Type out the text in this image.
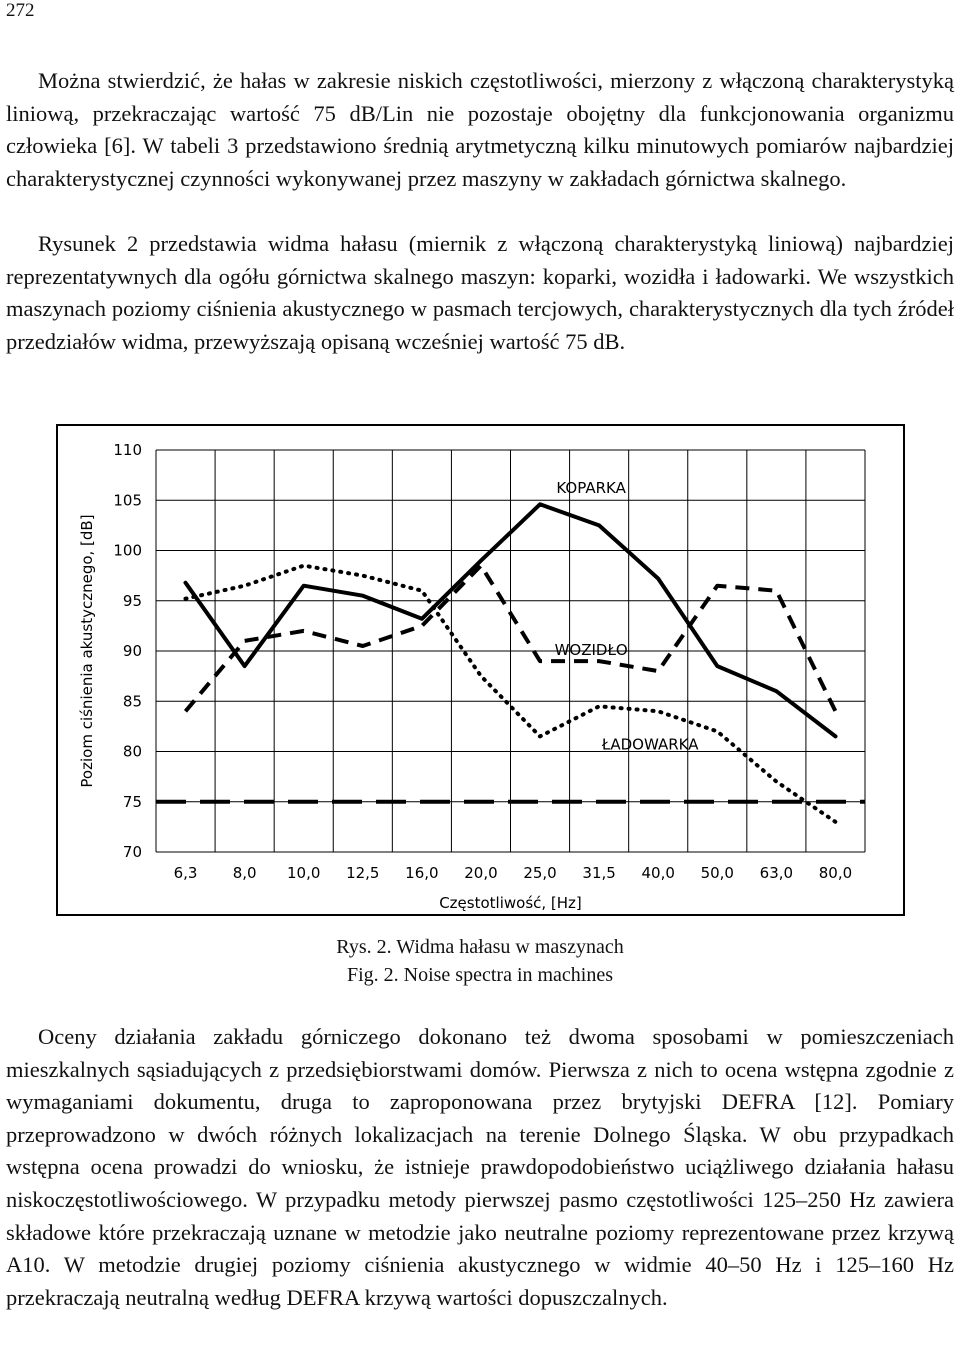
272

Można stwierdzić, że hałas w zakresie niskich częstotliwości, mierzony z włączoną charakterystyką liniową, przekraczając wartość 75 dB/Lin nie pozostaje obojętny dla funkcjonowania organizmu człowieka [6]. W tabeli 3 przedstawiono średnią arytmetyczną kilku minutowych pomiarów najbardziej charakterystycznej czynności wykonywanej przez maszyny w zakładach górnictwa skalnego.

Rysunek 2 przedstawia widma hałasu (miernik z włączoną charakterystyką liniową) najbardziej reprezentatywnych dla ogółu górnictwa skalnego maszyn: koparki, wozidła i ładowarki. We wszystkich maszynach poziomy ciśnienia akustycznego w pasmach tercjowych, charakterystycznych dla tych źródeł przedziałów widma, przewyższają opisaną wcześniej wartość 75 dB.

70
75
80
85
90
95
100
105
110
6,3 8,0 10,0 12,5 16,0 20,0 25,0 31,5 40,0 50,0 63,0 80,0
Częstotliwość, [Hz]
Poziom ciśnienia akustycznego, [dB]
KOPARKA
WOZIDŁO
ŁADOWARKA

Rys. 2. Widma hałasu w maszynach

Fig. 2. Noise spectra in machines

Oceny działania zakładu górniczego dokonano też dwoma sposobami w pomieszczeniach mieszkalnych sąsiadujących z przedsiębiorstwami domów. Pierwsza z nich to ocena wstępna zgodnie z wymaganiami dokumentu, druga to zaproponowana przez brytyjski DEFRA [12]. Pomiary przeprowadzono w dwóch różnych lokalizacjach na terenie Dolnego Śląska. W obu przypadkach wstępna ocena prowadzi do wniosku, że istnieje prawdopodobieństwo uciążliwego działania hałasu niskoczęstotliwościowego. W przypadku metody pierwszej pasmo częstotliwości 125–250 Hz zawiera składowe które przekraczają uznane w metodzie jako neutralne poziomy reprezentowane przez krzywą A10. W metodzie drugiej poziomy ciśnienia akustycznego w widmie 40–50 Hz i 125–160 Hz przekraczają neutralną według DEFRA krzywą wartości dopuszczalnych.
